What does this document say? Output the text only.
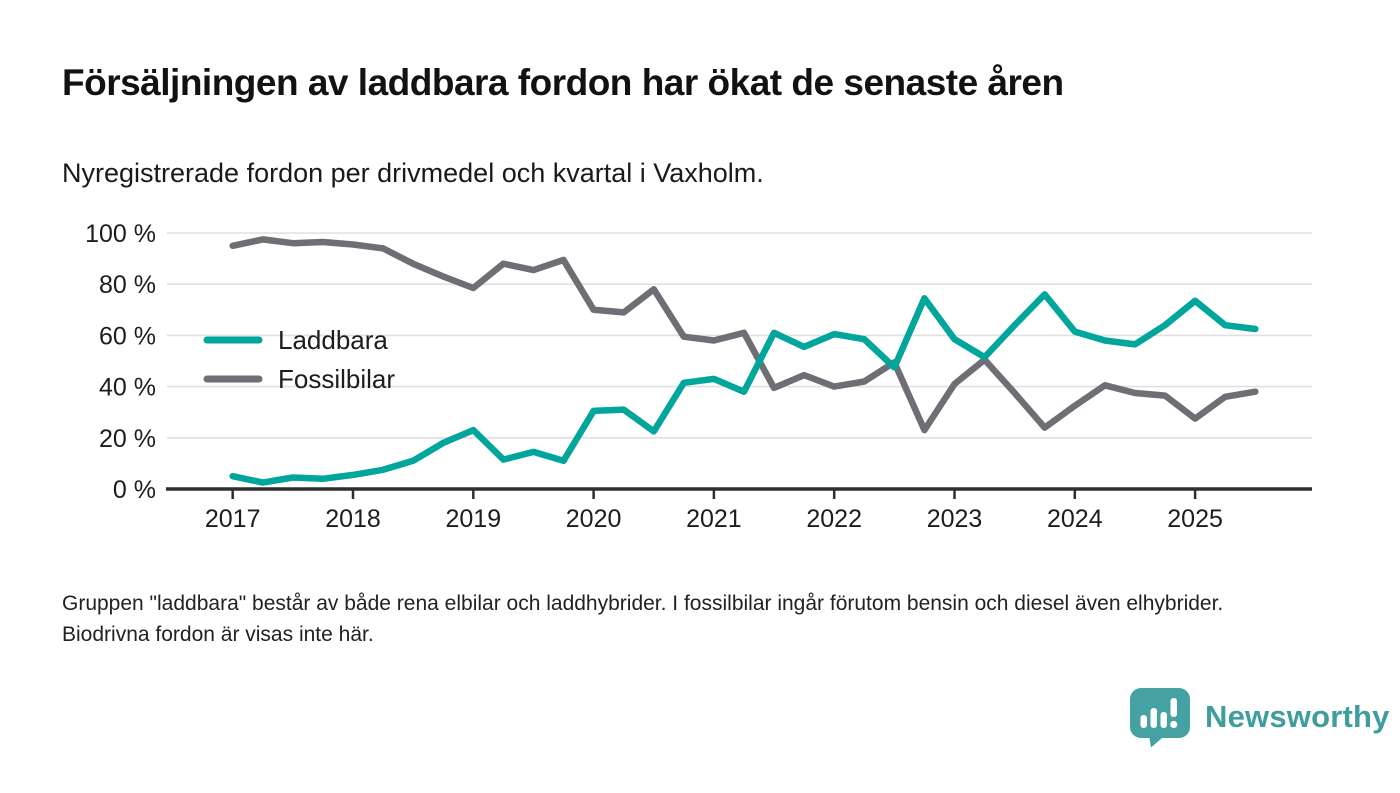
Försäljningen av laddbara fordon har ökat de senaste åren

Nyregistrerade fordon per drivmedel och kvartal i Vaxholm.

0 %
20 %
40 %
60 %
80 %
100 %
2017	2018	2019	2020	2021	2022	2023	2024	2025
Laddbara
Fossilbilar

Gruppen "laddbara" består av både rena elbilar och laddhybrider. I fossilbilar ingår förutom bensin och diesel även elhybrider. Biodrivna fordon är visas inte här.

Newsworthy
